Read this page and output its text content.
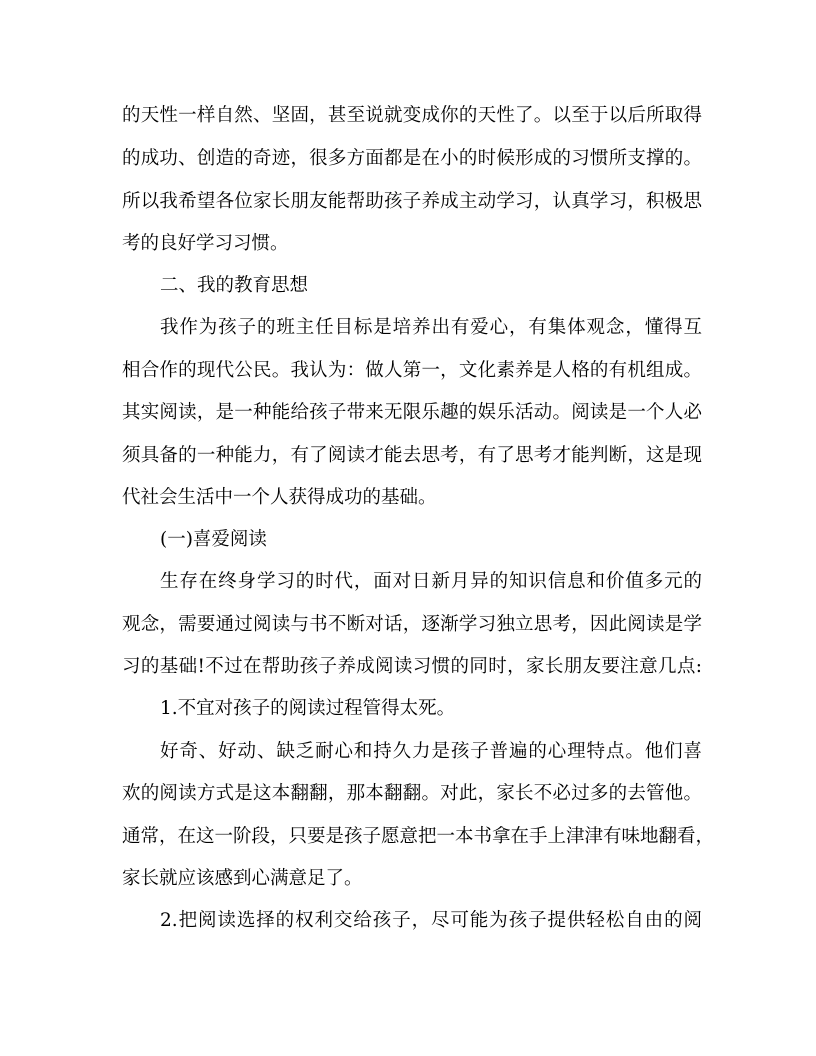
的天性一样自然、坚固，甚至说就变成你的天性了。以至于以后所取得
的成功、创造的奇迹，很多方面都是在小的时候形成的习惯所支撑的。
所以我希望各位家长朋友能帮助孩子养成主动学习，认真学习，积极思
考的良好学习习惯。
二、我的教育思想
我作为孩子的班主任目标是培养出有爱心，有集体观念，懂得互
相合作的现代公民。我认为：做人第一，文化素养是人格的有机组成。
其实阅读，是一种能给孩子带来无限乐趣的娱乐活动。阅读是一个人必
须具备的一种能力，有了阅读才能去思考，有了思考才能判断，这是现
代社会生活中一个人获得成功的基础。
(一)喜爱阅读
生存在终身学习的时代，面对日新月异的知识信息和价值多元的
观念，需要通过阅读与书不断对话，逐渐学习独立思考，因此阅读是学
习的基础!不过在帮助孩子养成阅读习惯的同时，家长朋友要注意几点:
1.不宜对孩子的阅读过程管得太死。
好奇、好动、缺乏耐心和持久力是孩子普遍的心理特点。他们喜
欢的阅读方式是这本翻翻，那本翻翻。对此，家长不必过多的去管他。
通常，在这一阶段，只要是孩子愿意把一本书拿在手上津津有味地翻看，
家长就应该感到心满意足了。
2.把阅读选择的权利交给孩子，尽可能为孩子提供轻松自由的阅
